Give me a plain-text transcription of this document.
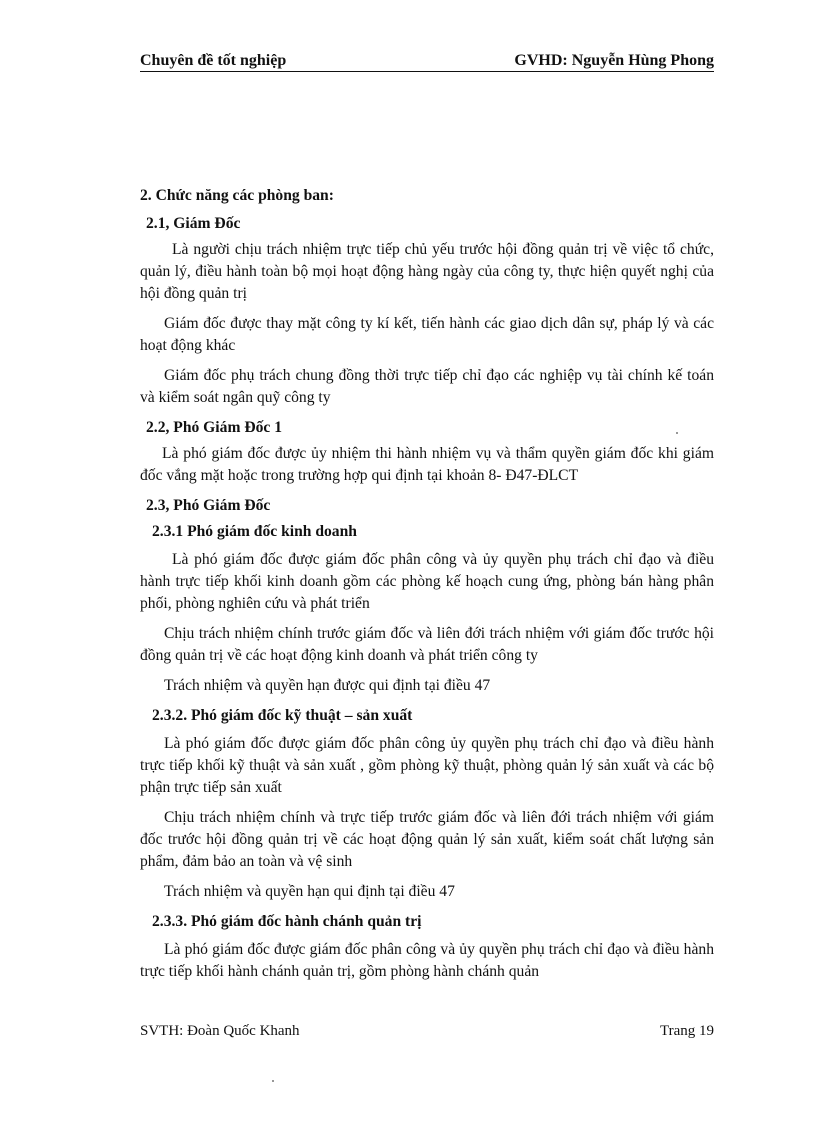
Chuyên đề tốt nghiệp	GVHD: Nguyễn Hùng Phong

2. Chức năng các phòng ban:

2.1, Giám Đốc

Là người chịu trách nhiệm trực tiếp chủ yếu trước hội đồng quản trị về việc tổ chức, quản lý, điều hành toàn bộ mọi hoạt động hàng ngày của công ty, thực hiện quyết nghị của hội đồng quản trị

Giám đốc được thay mặt công ty kí kết, tiến hành các giao dịch dân sự, pháp lý và các hoạt động khác

Giám đốc phụ trách chung đồng thời trực tiếp chỉ đạo các nghiệp vụ tài chính kế toán và kiểm soát ngân quỹ công ty

2.2, Phó Giám Đốc 1

Là phó giám đốc được ủy nhiệm thi hành nhiệm vụ và thẩm quyền giám đốc khi giám đốc vắng mặt hoặc trong trường hợp qui định tại khoản 8- Đ47-ĐLCT

2.3, Phó Giám Đốc

2.3.1 Phó giám đốc kinh doanh

Là phó giám đốc được giám đốc phân công và ủy quyền phụ trách chỉ đạo và điều hành trực tiếp khối kinh doanh gồm các phòng kế hoạch cung ứng, phòng bán hàng phân phối, phòng nghiên cứu và phát triển

Chịu trách nhiệm chính trước giám đốc và liên đới trách nhiệm với giám đốc trước hội đồng quản trị về các hoạt động kinh doanh và phát triển công ty

Trách nhiệm và quyền hạn được qui định tại điều 47

2.3.2. Phó giám đốc kỹ thuật – sản xuất

Là phó giám đốc được giám đốc phân công ủy quyền phụ trách chỉ đạo và điều hành trực tiếp khối kỹ thuật và sản xuất , gồm phòng kỹ thuật, phòng quản lý sản xuất và các bộ phận trực tiếp sản xuất

Chịu trách nhiệm chính và trực tiếp trước giám đốc và liên đới trách nhiệm với giám đốc trước hội đồng quản trị về các hoạt động quản lý sản xuất, kiểm soát chất lượng sản phẩm, đảm bảo an toàn và vệ sinh

Trách nhiệm và quyền hạn qui định tại điều 47

2.3.3. Phó giám đốc hành chánh quản trị

Là phó giám đốc được giám đốc phân công và ủy quyền phụ trách chỉ đạo và điều hành trực tiếp khối hành chánh quản trị, gồm phòng hành chánh quản

SVTH: Đoàn Quốc Khanh	Trang 19
